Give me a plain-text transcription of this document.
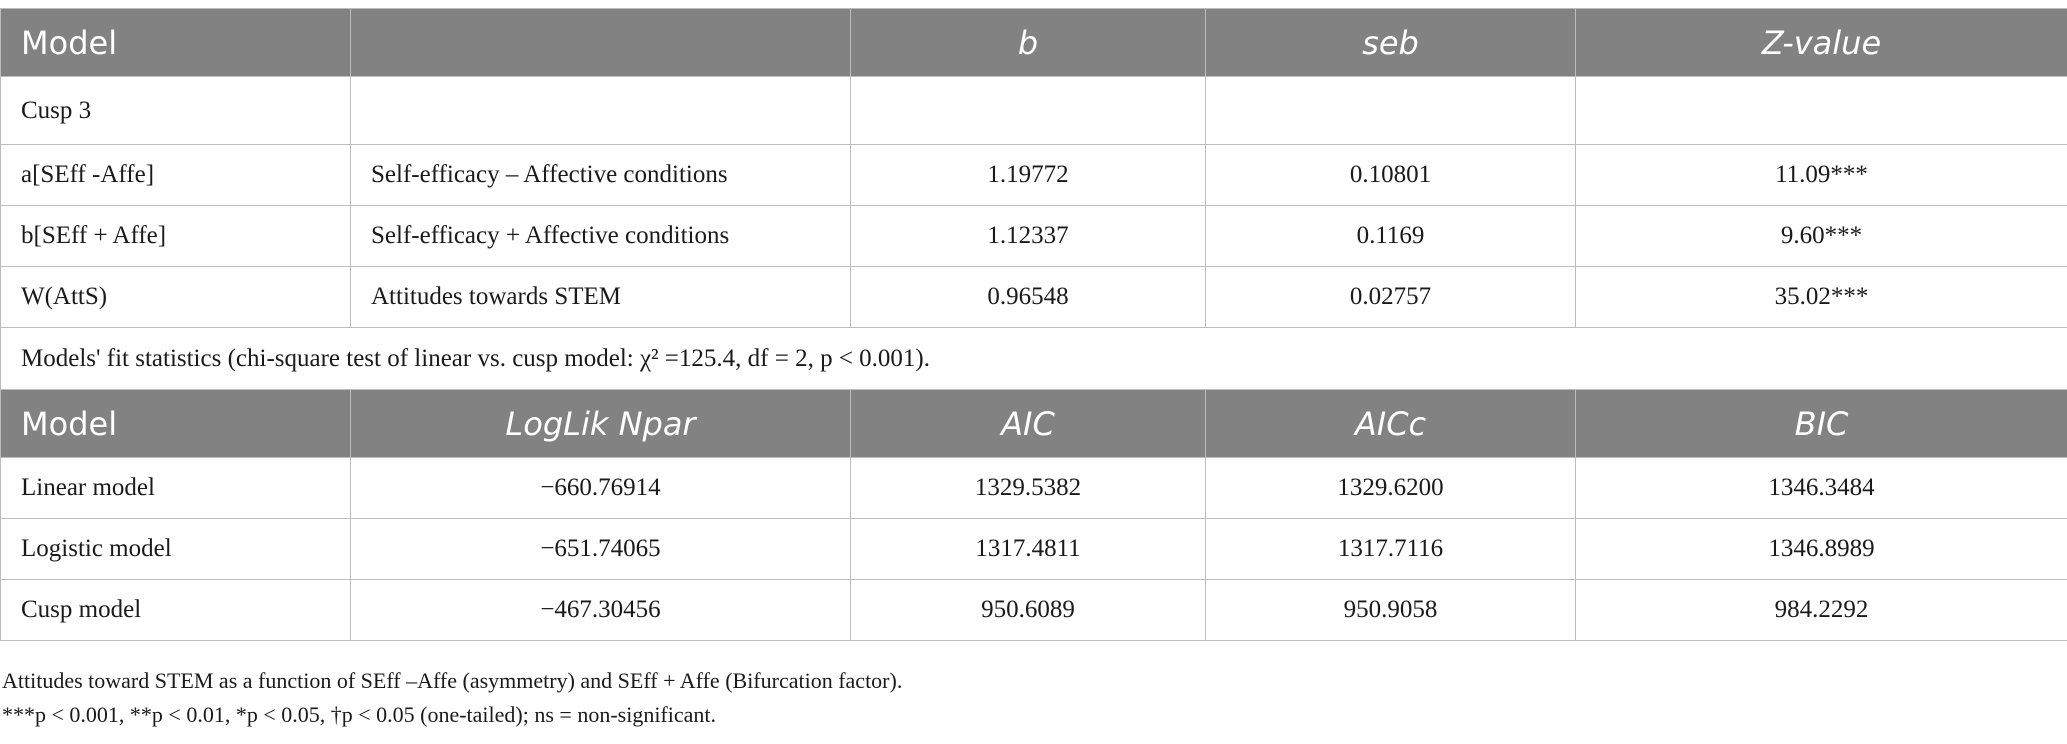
Model		b	seb	Z-value
Cusp 3				
a[SEff -Affe]	Self-efficacy – Affective conditions	1.19772	0.10801	11.09***
b[SEff + Affe]	Self-efficacy + Affective conditions	1.12337	0.1169	9.60***
W(AttS)	Attitudes towards STEM	0.96548	0.02757	35.02***
Models' fit statistics (chi-square test of linear vs. cusp model: χ² =125.4, df = 2, p < 0.001).				
Model	LogLik Npar	AIC	AICc	BIC
Linear model	−660.76914	1329.5382	1329.6200	1346.3484
Logistic model	−651.74065	1317.4811	1317.7116	1346.8989
Cusp model	−467.30456	950.6089	950.9058	984.2292
Attitudes toward STEM as a function of SEff –Affe (asymmetry) and SEff + Affe (Bifurcation factor).
***p < 0.001, **p < 0.01, *p < 0.05, †p < 0.05 (one-tailed); ns = non-significant.
